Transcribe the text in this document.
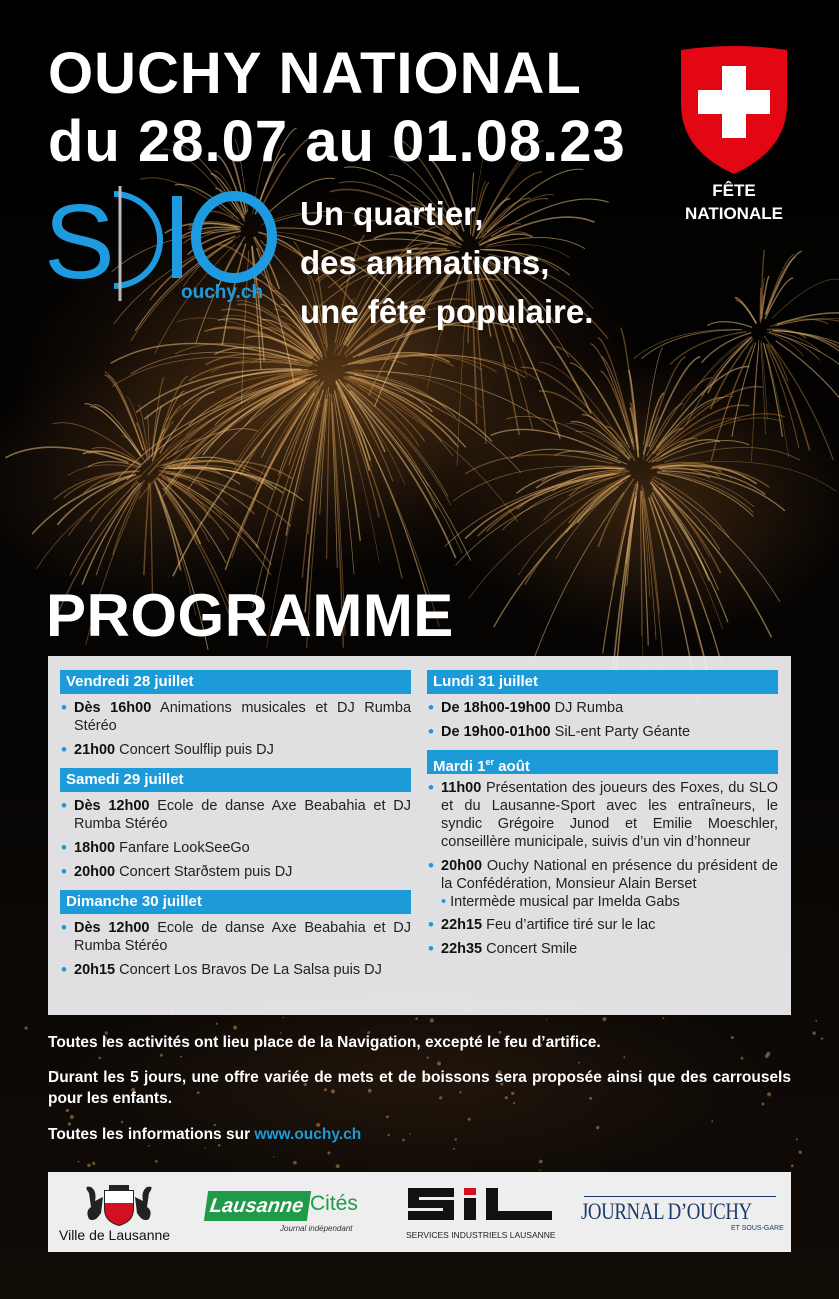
OUCHY NATIONAL
du 28.07 au 01.08.23
S	ouchy.ch
Un quartier,
des animations,
une fête populaire.
FÊTE
NATIONALE
PROGRAMME
Vendredi 28 juillet
• Dès 16h00 Animations musicales et DJ Rumba Stéréo
• 21h00 Concert Soulflip puis DJ
Samedi 29 juillet
• Dès 12h00 Ecole de danse Axe Beabahia et DJ Rumba Stéréo
• 18h00 Fanfare LookSeeGo
• 20h00 Concert Starðstem puis DJ
Dimanche 30 juillet
• Dès 12h00 Ecole de danse Axe Beabahia et DJ Rumba Stéréo
• 20h15 Concert Los Bravos De La Salsa puis DJ
Lundi 31 juillet
• De 18h00-19h00 DJ Rumba
• De 19h00-01h00 SiL-ent Party Géante
Mardi 1er août
• 11h00 Présentation des joueurs des Foxes, du SLO et du Lausanne-Sport avec les entraîneurs, le syndic Grégoire Junod et Emilie Moeschler, conseillère municipale, suivis d’un vin d’honneur
• 20h00 Ouchy National en présence du président de la Confédération, Monsieur Alain Berset
• Intermède musical par Imelda Gabs
• 22h15 Feu d’artifice tiré sur le lac
• 22h35 Concert Smile
Toutes les activités ont lieu place de la Navigation, excepté le feu d’artifice.
Durant les 5 jours, une offre variée de mets et de boissons sera proposée ainsi que des carrousels pour les enfants.
Toutes les informations sur www.ouchy.ch
Ville de Lausanne
Lausanne Cités
Journal indépendant
SERVICES INDUSTRIELS LAUSANNE
JOURNAL D’OUCHY
ET SOUS-GARE
